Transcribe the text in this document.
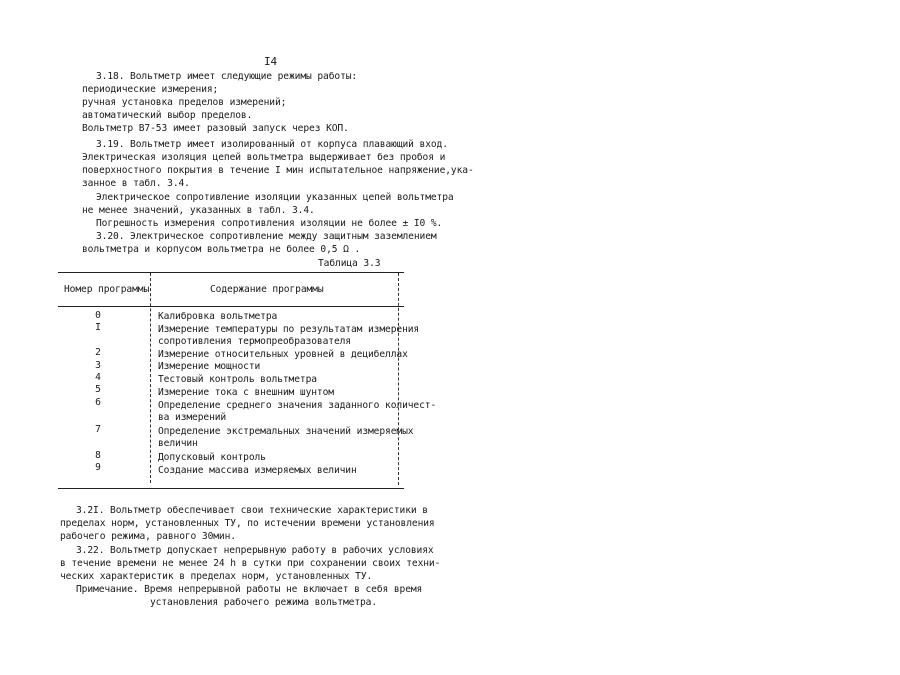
I4
3.18. Вольтметр имеет следующие режимы работы:
периодические измерения;
ручная установка пределов измерений;
автоматический выбор пределов.
Вольтметр В7-53 имеет разовый запуск через КОП.
3.19. Вольтметр имеет изолированный от корпуса плавающий вход.
Электрическая изоляция цепей вольтметра выдерживает без пробоя и
поверхностного покрытия в течение I мин испытательное напряжение,ука-
занное в табл. 3.4.
Электрическое сопротивление изоляции указанных цепей вольтметра
не менее значений, указанных в табл. 3.4.
Погрешность измерения сопротивления изоляции не более ± I0 %.
3.20. Электрическое сопротивление между защитным заземлением
вольтметра и корпусом вольтметра не более 0,5 Ω .
Таблица 3.3
Номер программы	Содержание программы
0	Калибровка вольтметра
I	Измерение температуры по результатам измерения
сопротивления термопреобразователя
2	Измерение относительных уровней в децибеллах
3	Измерение мощности
4	Тестовый контроль вольтметра
5	Измерение тока с внешним шунтом
6	Определение среднего значения заданного количест-
ва измерений
7	Определение экстремальных значений измеряемых
величин
8	Допусковый контроль
9	Создание массива измеряемых величин
3.2I. Вольтметр обеспечивает свои технические характеристики в
пределах норм, установленных ТУ, по истечении времени установления
рабочего режима, равного 30мин.
3.22. Вольтметр допускает непрерывную работу в рабочих условиях
в течение времени не менее 24 h в сутки при сохранении своих техни-
ческих характеристик в пределах норм, установленных ТУ.
Примечание. Время непрерывной работы не включает в себя время
установления рабочего режима вольтметра.
